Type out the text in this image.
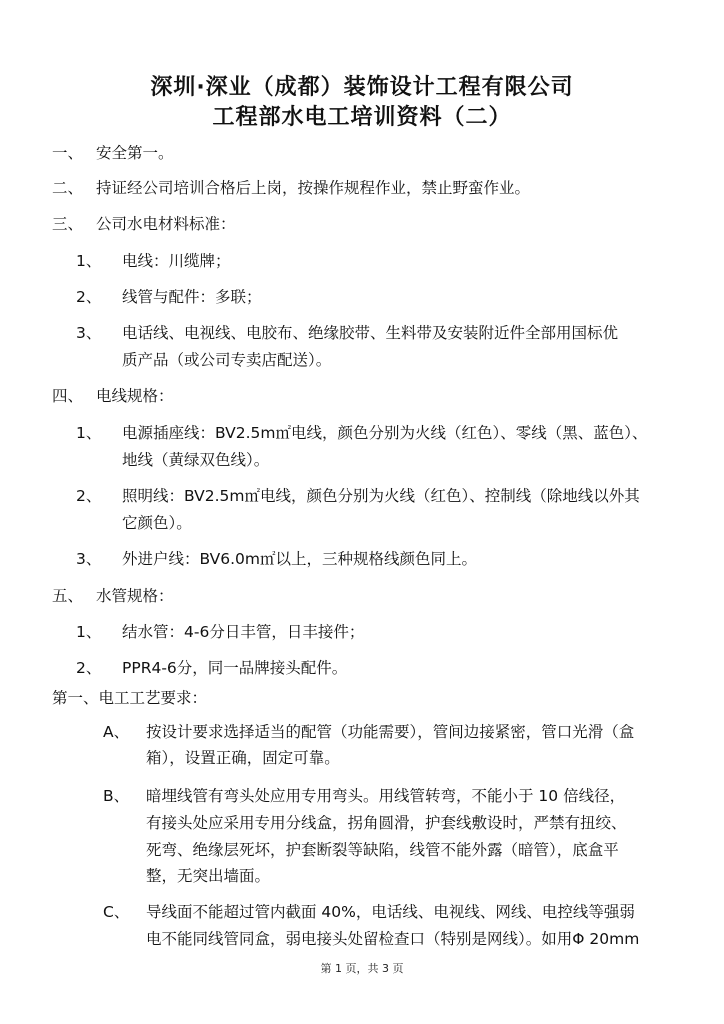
深圳·深业（成都）装饰设计工程有限公司
工程部水电工培训资料（二）
一、 安全第一。
二、 持证经公司培训合格后上岗，按操作规程作业，禁止野蛮作业。
三、 公司水电材料标准：
1、 电线：川缆牌；
2、 线管与配件：多联；
3、 电话线、电视线、电胶布、绝缘胶带、生料带及安装附近件全部用国标优
质产品（或公司专卖店配送）。
四、 电线规格：
1、 电源插座线：BV2.5m㎡电线，颜色分别为火线（红色）、零线（黑、蓝色）、
地线（黄绿双色线）。
2、 照明线：BV2.5m㎡电线，颜色分别为火线（红色）、控制线（除地线以外其
它颜色）。
3、 外进户线：BV6.0m㎡以上，三种规格线颜色同上。
五、 水管规格：
1、 结水管：4-6分日丰管，日丰接件；
2、 PPR4-6分，同一品牌接头配件。
第一、电工工艺要求：
A、 按设计要求选择适当的配管（功能需要），管间边接紧密，管口光滑（盒
箱），设置正确，固定可靠。
B、 暗埋线管有弯头处应用专用弯头。用线管转弯，不能小于 10 倍线径，
有接头处应采用专用分线盒，拐角圆滑，护套线敷设时，严禁有扭绞、
死弯、绝缘层死坏，护套断裂等缺陷，线管不能外露（暗管），底盒平
整，无突出墙面。
C、 导线面不能超过管内截面 40%，电话线、电视线、网线、电控线等强弱
电不能同线管同盒，弱电接头处留检查口（特别是网线）。如用Φ 20mm
第 1 页，共 3 页
